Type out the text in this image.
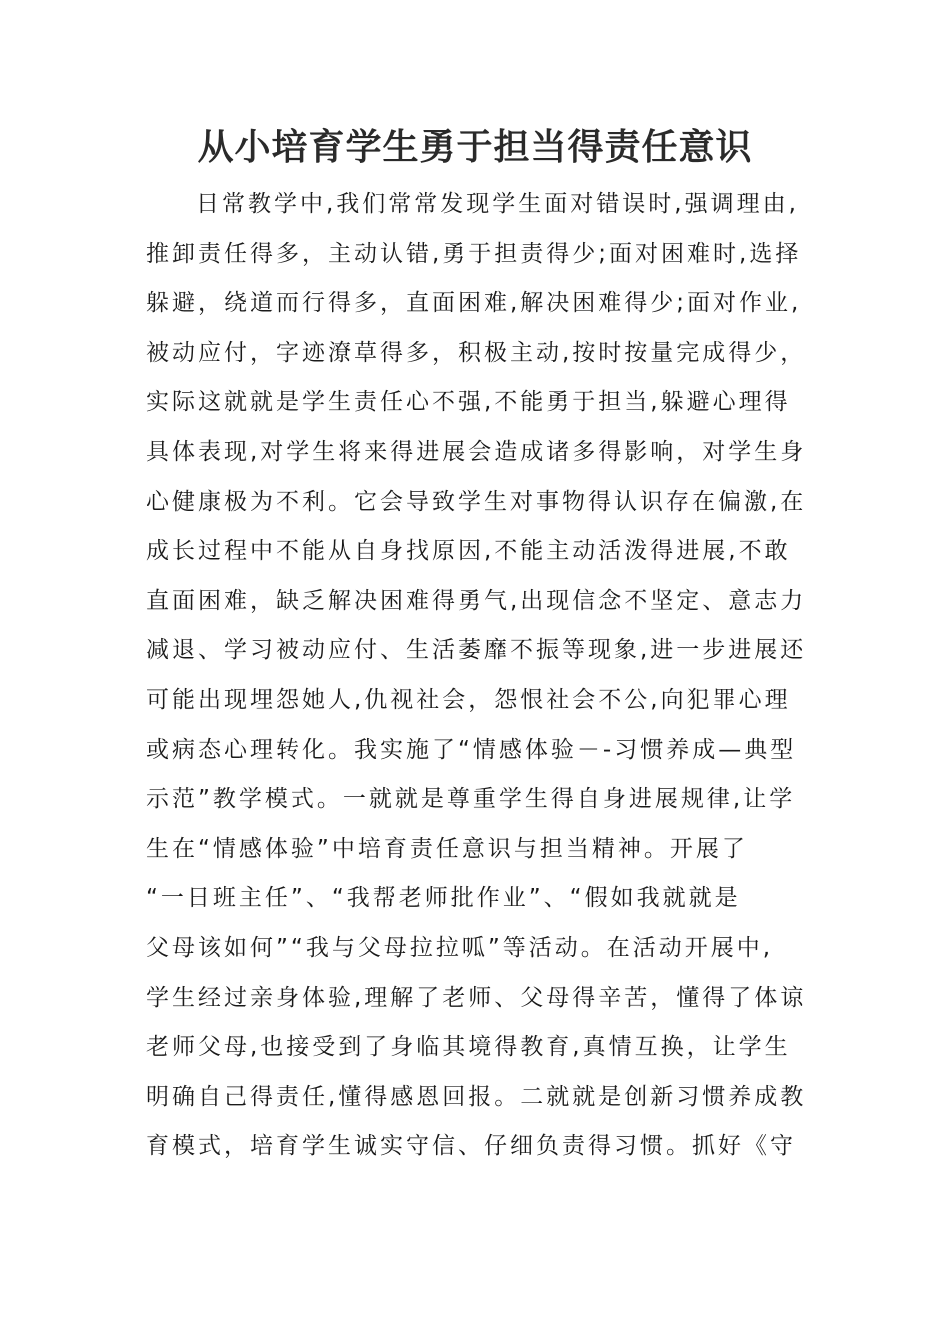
从小培育学生勇于担当得责任意识
日常教学中,我们常常发现学生面对错误时,强调理由,
推卸责任得多，主动认错,勇于担责得少;面对困难时,选择
躲避，绕道而行得多，直面困难,解决困难得少;面对作业,
被动应付，字迹潦草得多，积极主动,按时按量完成得少，
实际这就就是学生责任心不强,不能勇于担当,躲避心理得
具体表现,对学生将来得进展会造成诸多得影响，对学生身
心健康极为不利。它会导致学生对事物得认识存在偏激,在
成长过程中不能从自身找原因,不能主动活泼得进展,不敢
直面困难，缺乏解决困难得勇气,出现信念不坚定、意志力
减退、学习被动应付、生活萎靡不振等现象,进一步进展还
可能出现埋怨她人,仇视社会，怨恨社会不公,向犯罪心理
或病态心理转化。我实施了“情感体验－-习惯养成—典型
示范”教学模式。一就就是尊重学生得自身进展规律,让学
生在“情感体验”中培育责任意识与担当精神。开展了
“一日班主任”、“我帮老师批作业”、“假如我就就是
父母该如何”“我与父母拉拉呱”等活动。在活动开展中,
学生经过亲身体验,理解了老师、父母得辛苦，懂得了体谅
老师父母,也接受到了身临其境得教育,真情互换，让学生
明确自己得责任,懂得感恩回报。二就就是创新习惯养成教
育模式，培育学生诚实守信、仔细负责得习惯。抓好《守
